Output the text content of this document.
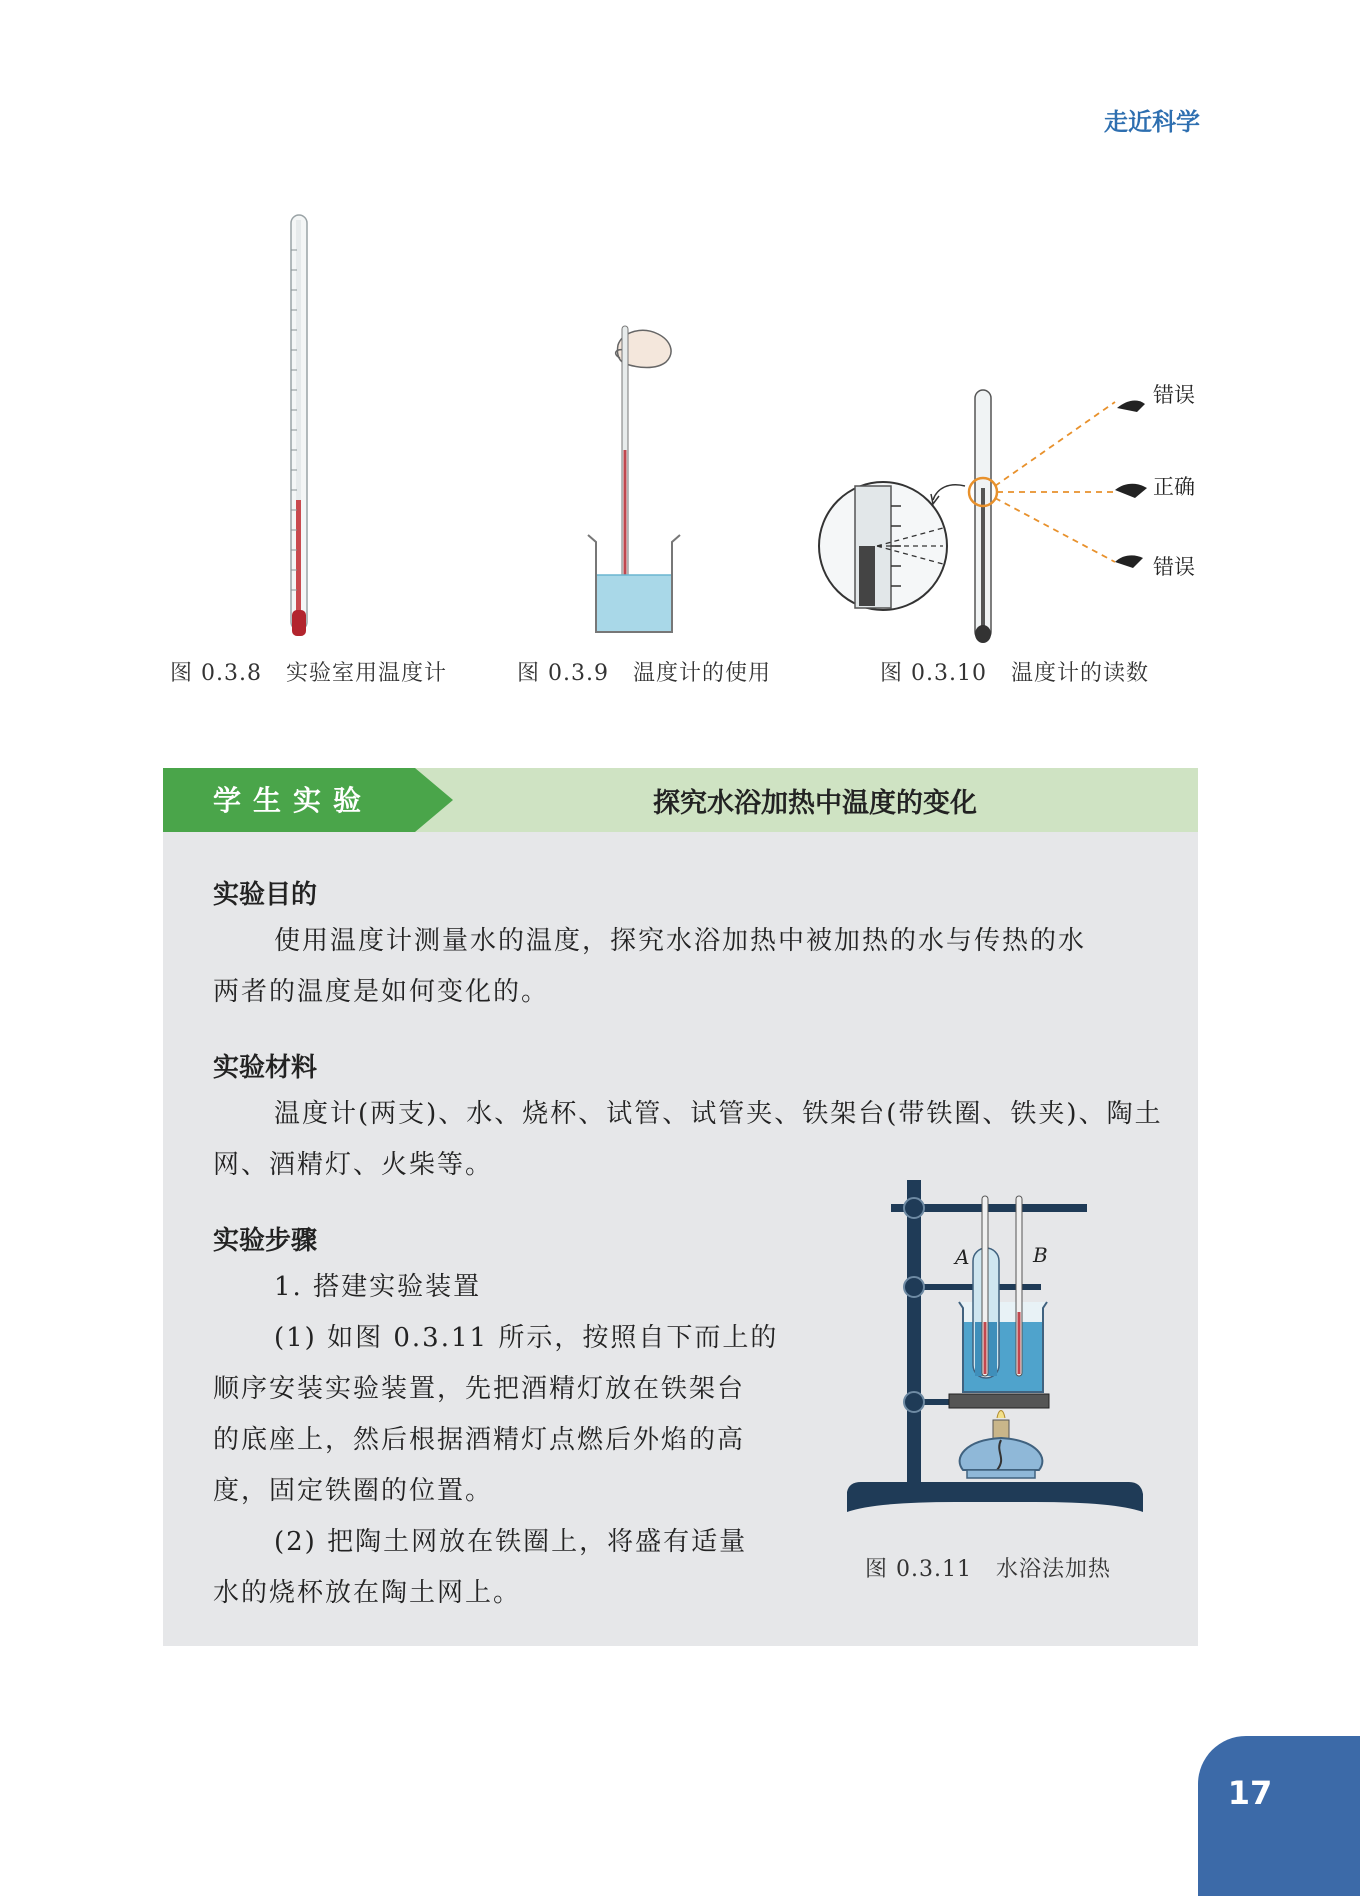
走近科学
图 0.3.8   实验室用温度计	图 0.3.9   温度计的使用
错误
正确
错误
图 0.3.10   温度计的读数
学生实验	探究水浴加热中温度的变化
实验目的
使用温度计测量水的温度，探究水浴加热中被加热的水与传热的水
两者的温度是如何变化的。
实验材料
温度计(两支)、水、烧杯、试管、试管夹、铁架台(带铁圈、铁夹)、陶土
网、酒精灯、火柴等。
实验步骤
1. 搭建实验装置
(1) 如图 0.3.11 所示，按照自下而上的
顺序安装实验装置，先把酒精灯放在铁架台
的底座上，然后根据酒精灯点燃后外焰的高
度，固定铁圈的位置。
(2) 把陶土网放在铁圈上，将盛有适量
水的烧杯放在陶土网上。
A	B
图 0.3.11   水浴法加热
17
